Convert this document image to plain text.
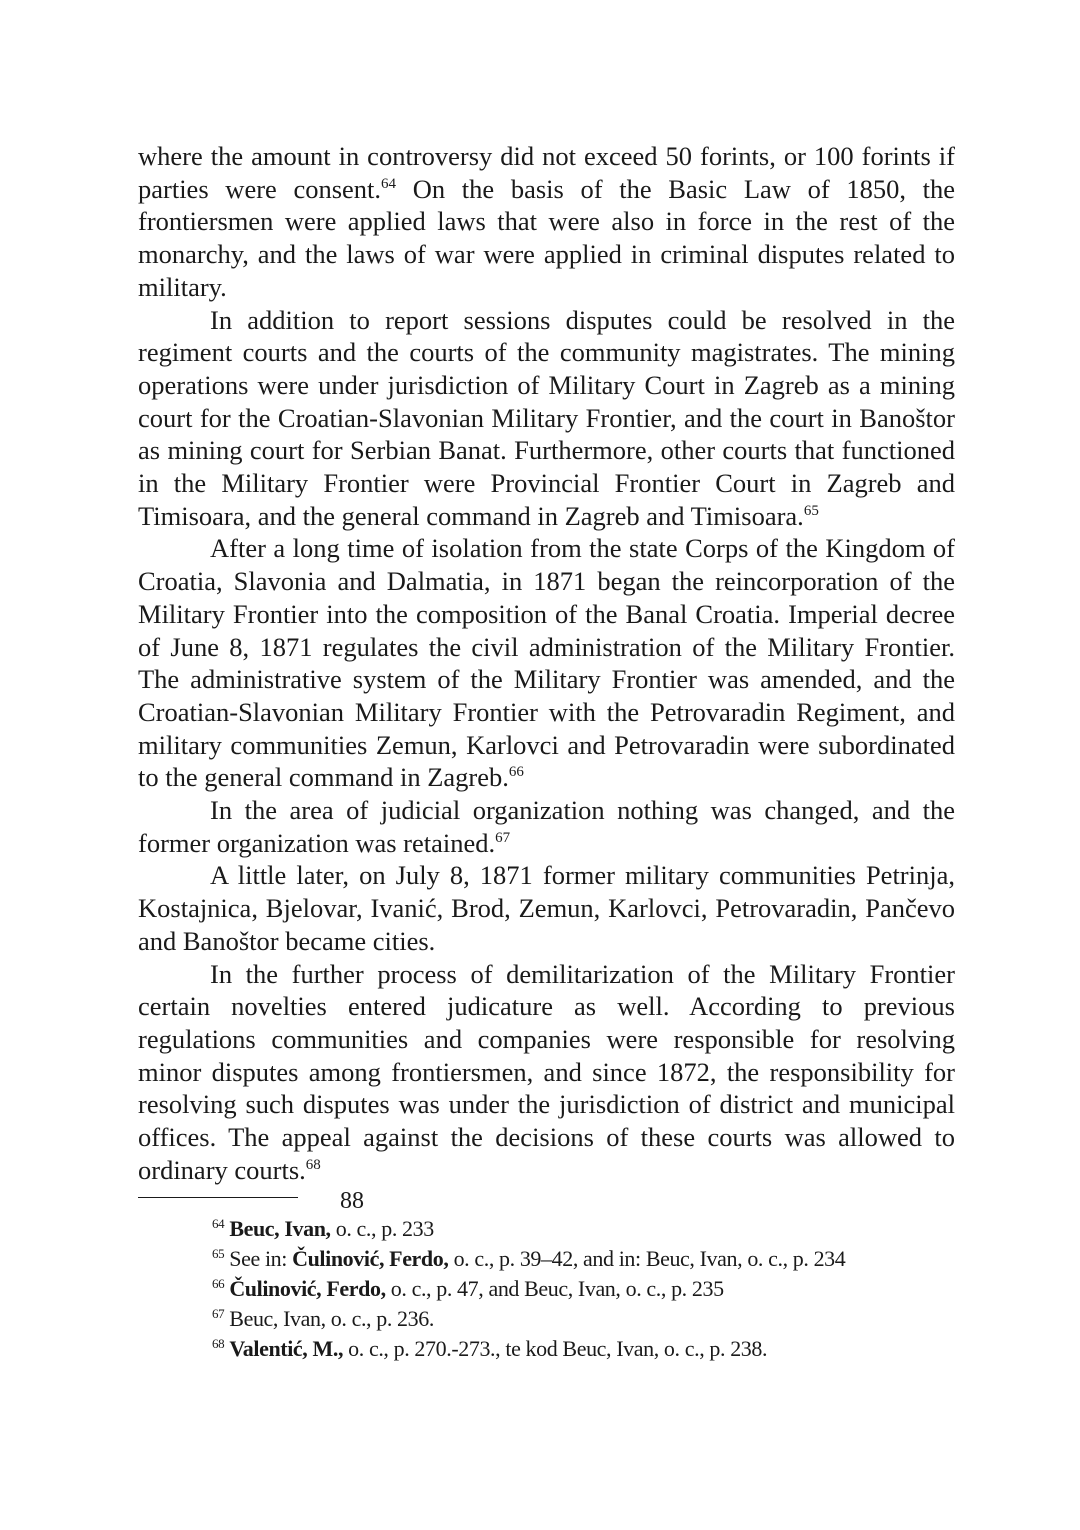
where the amount in controversy did not exceed 50 forints, or 100 forints if parties were consent.$^{64}$ On the basis of the Basic Law of 1850, the frontiersmen were applied laws that were also in force in the rest of the monarchy, and the laws of war were applied in criminal disputes related to military.

In addition to report sessions disputes could be resolved in the regiment courts and the courts of the community magistrates. The mining operations were under jurisdiction of Military Court in Zagreb as a mining court for the Croatian-Slavonian Military Frontier, and the court in Banoštor as mining court for Serbian Banat. Furthermore, other courts that functioned in the Military Frontier were Provincial Frontier Court in Zagreb and Timisoara, and the general command in Zagreb and Timisoara.$^{65}$

After a long time of isolation from the state Corps of the Kingdom of Croatia, Slavonia and Dalmatia, in 1871 began the reincorporation of the Military Frontier into the composition of the Banal Croatia. Imperial decree of June 8, 1871 regulates the civil administration of the Military Frontier. The administrative system of the Military Frontier was amended, and the Croatian-Slavonian Military Frontier with the Petrovaradin Regiment, and military communities Zemun, Karlovci and Petrovaradin were subordinated to the general command in Zagreb.$^{66}$

In the area of judicial organization nothing was changed, and the former organization was retained.$^{67}$

A little later, on July 8, 1871 former military communities Petrinja, Kostajnica, Bjelovar, Ivanić, Brod, Zemun, Karlovci, Petrovaradin, Pančevo and Banoštor became cities.

In the further process of demilitarization of the Military Frontier certain novelties entered judicature as well. According to previous regulations communities and companies were responsible for resolving minor disputes among frontiersmen, and since 1872, the responsibility for resolving such disputes was under the jurisdiction of district and municipal offices. The appeal against the decisions of these courts was allowed to ordinary courts.$^{68}$

$^{64}$ Beuc, Ivan, o. c., p. 233

$^{65}$ See in: Čulinović, Ferdo, o. c., p. 39–42, and in: Beuc, Ivan, o. c., p. 234

$^{66}$ Čulinović, Ferdo, o. c., p. 47, and Beuc, Ivan, o. c., p. 235

$^{67}$ Beuc, Ivan, o. c., p. 236.

$^{68}$ Valentić, M., o. c., p. 270.-273., te kod Beuc, Ivan, o. c., p. 238.

88
